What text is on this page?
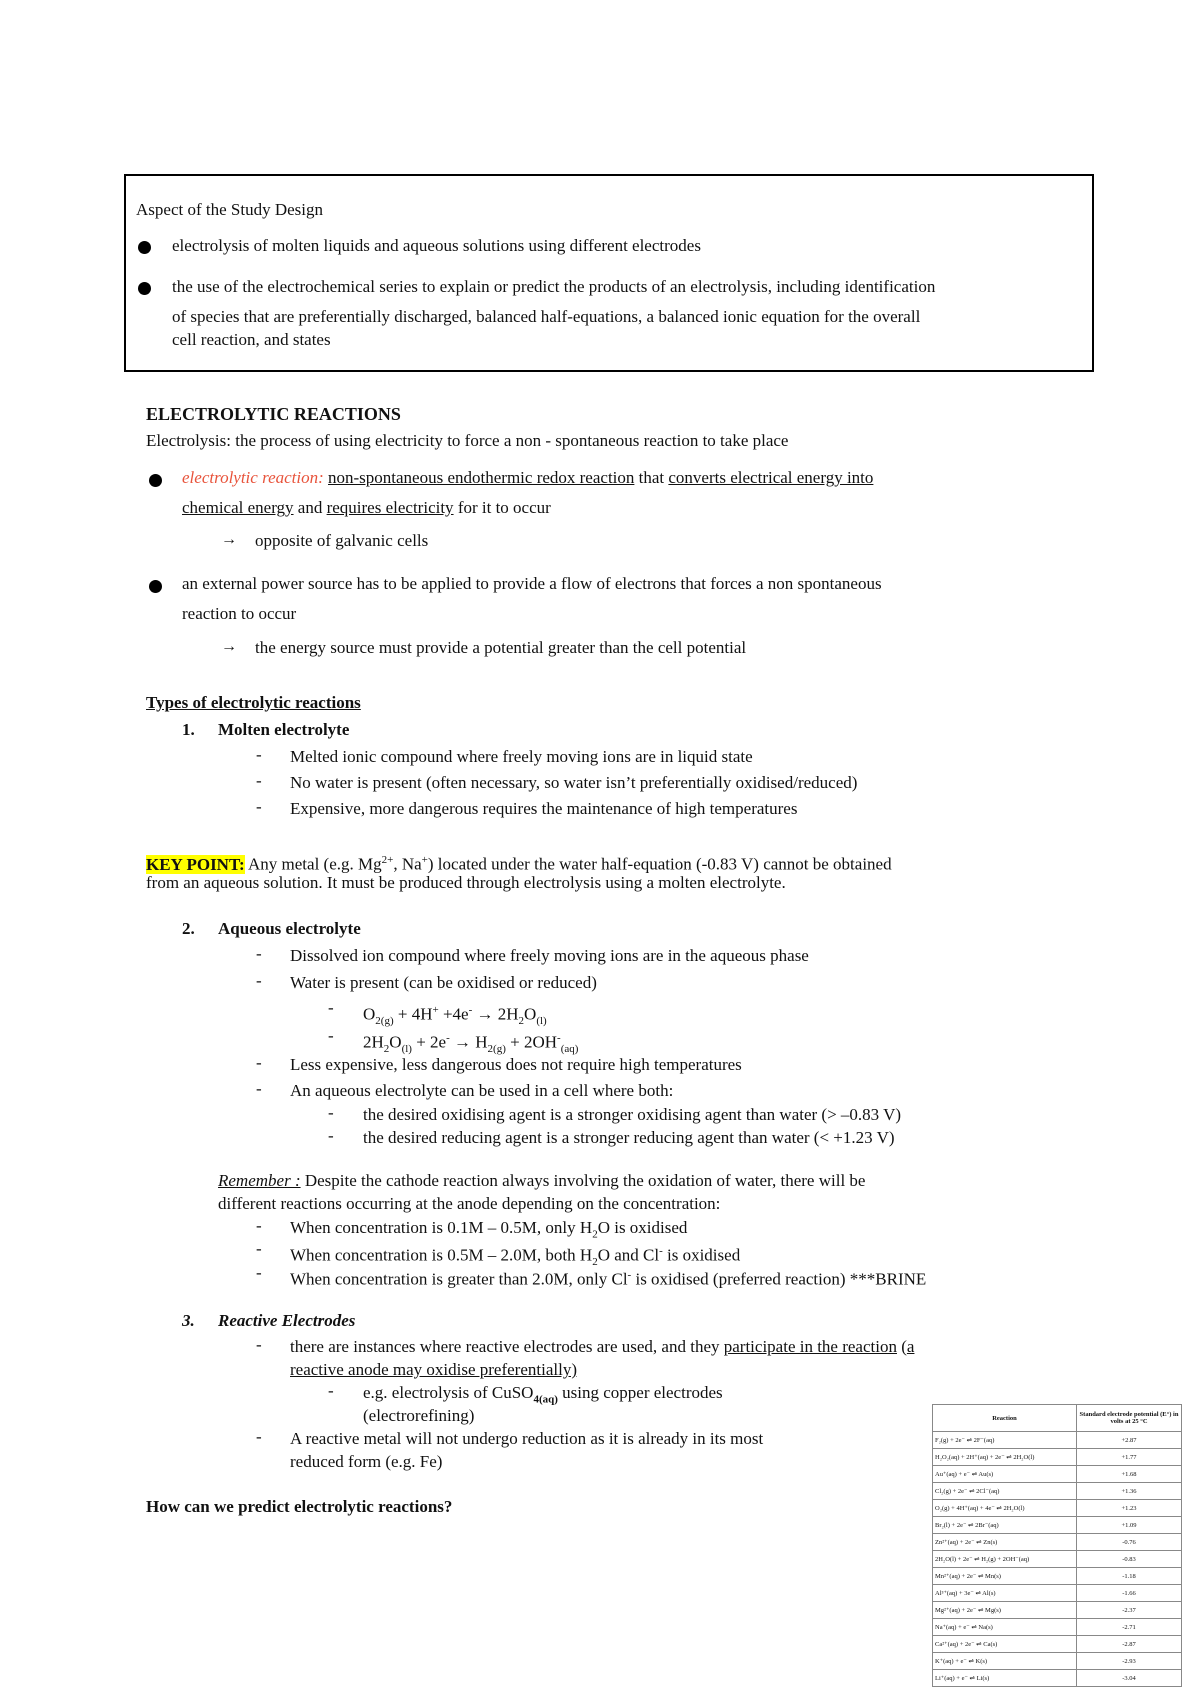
Aspect of the Study Design
electrolysis of molten liquids and aqueous solutions using different electrodes
the use of the electrochemical series to explain or predict the products of an electrolysis, including identification
of species that are preferentially discharged, balanced half-equations, a balanced ionic equation for the overall
cell reaction, and states
ELECTROLYTIC REACTIONS
Electrolysis: the process of using electricity to force a non - spontaneous reaction to take place
electrolytic reaction: non-spontaneous endothermic redox reaction that converts electrical energy into
chemical energy and requires electricity for it to occur
→ opposite of galvanic cells
an external power source has to be applied to provide a flow of electrons that forces a non spontaneous
reaction to occur
→ the energy source must provide a potential greater than the cell potential
Types of electrolytic reactions
1. Molten electrolyte
- Melted ionic compound where freely moving ions are in liquid state
- No water is present (often necessary, so water isn’t preferentially oxidised/reduced)
- Expensive, more dangerous requires the maintenance of high temperatures
KEY POINT: Any metal (e.g. $Mg^{2+}$, Na+) located under the water half-equation (-0.83 V) cannot be obtained
from an aqueous solution. It must be produced through electrolysis using a molten electrolyte.
2. Aqueous electrolyte
- Dissolved ion compound where freely moving ions are in the aqueous phase
- Water is present (can be oxidised or reduced)
- $O_{2(g)} + 4H^+ +4e^- \to 2H_2O_{(l)}$
- $2H_2O_{(l)} + 2e^- \to H_{2(g)} + 2OH^-_{(aq)}$
- Less expensive, less dangerous does not require high temperatures
- An aqueous electrolyte can be used in a cell where both:
- the desired oxidising agent is a stronger oxidising agent than water (> –0.83 V)
- the desired reducing agent is a stronger reducing agent than water (< +1.23 V)
Remember : Despite the cathode reaction always involving the oxidation of water, there will be
different reactions occurring at the anode depending on the concentration:
- When concentration is 0.1M – 0.5M, only $H_2O$ is oxidised
- When concentration is 0.5M – 2.0M, both $H_2O$ and Cl- is oxidised
- When concentration is greater than 2.0M, only Cl- is oxidised (preferred reaction) ***BRINE
3. Reactive Electrodes
- there are instances where reactive electrodes are used, and they participate in the reaction (a
reactive anode may oxidise preferentially)
- e.g. electrolysis of CuSO$_{4(aq)}$ using copper electrodes
(electrorefining)
- A reactive metal will not undergo reduction as it is already in its most
reduced form (e.g. Fe)
How can we predict electrolytic reactions?
Reaction	Standard electrode potential (E°) in volts at 25 °C
F₂(g) + 2e⁻ ⇌ 2F⁻(aq)	+2.87
H₂O₂(aq) + 2H⁺(aq) + 2e⁻ ⇌ 2H₂O(l)	+1.77
Au⁺(aq) + e⁻ ⇌ Au(s)	+1.68
Cl₂(g) + 2e⁻ ⇌ 2Cl⁻(aq)	+1.36
O₂(g) + 4H⁺(aq) + 4e⁻ ⇌ 2H₂O(l)	+1.23
Br₂(l) + 2e⁻ ⇌ 2Br⁻(aq)	+1.09
Zn²⁺(aq) + 2e⁻ ⇌ Zn(s)	-0.76
2H₂O(l) + 2e⁻ ⇌ H₂(g) + 2OH⁻(aq)	-0.83
Mn²⁺(aq) + 2e⁻ ⇌ Mn(s)	-1.18
Al³⁺(aq) + 3e⁻ ⇌ Al(s)	-1.66
Mg²⁺(aq) + 2e⁻ ⇌ Mg(s)	-2.37
Na⁺(aq) + e⁻ ⇌ Na(s)	-2.71
Ca²⁺(aq) + 2e⁻ ⇌ Ca(s)	-2.87
K⁺(aq) + e⁻ ⇌ K(s)	-2.93
Li⁺(aq) + e⁻ ⇌ Li(s)	-3.04
